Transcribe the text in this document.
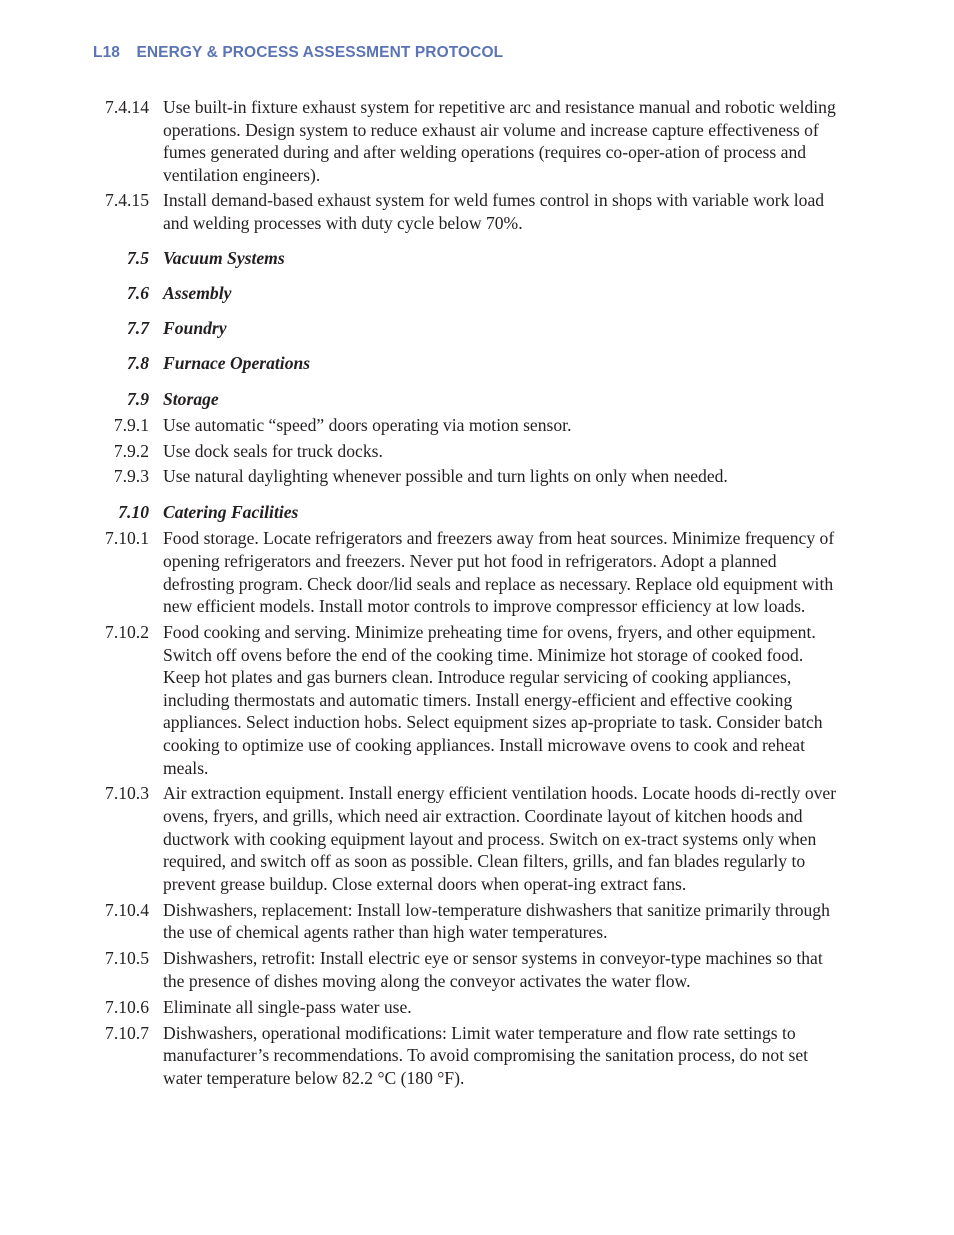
L18 ENERGY & PROCESS ASSESSMENT PROTOCOL
7.4.14 Use built-in fixture exhaust system for repetitive arc and resistance manual and robotic welding operations. Design system to reduce exhaust air volume and increase capture effectiveness of fumes generated during and after welding operations (requires co-oper-ation of process and ventilation engineers).
7.4.15 Install demand-based exhaust system for weld fumes control in shops with variable work load and welding processes with duty cycle below 70%.
7.5 Vacuum Systems
7.6 Assembly
7.7 Foundry
7.8 Furnace Operations
7.9 Storage
7.9.1 Use automatic “speed” doors operating via motion sensor.
7.9.2 Use dock seals for truck docks.
7.9.3 Use natural daylighting whenever possible and turn lights on only when needed.
7.10 Catering Facilities
7.10.1 Food storage. Locate refrigerators and freezers away from heat sources. Minimize frequency of opening refrigerators and freezers. Never put hot food in refrigerators. Adopt a planned defrosting program. Check door/lid seals and replace as necessary. Replace old equipment with new efficient models. Install motor controls to improve compressor efficiency at low loads.
7.10.2 Food cooking and serving. Minimize preheating time for ovens, fryers, and other equipment. Switch off ovens before the end of the cooking time. Minimize hot storage of cooked food. Keep hot plates and gas burners clean. Introduce regular servicing of cooking appliances, including thermostats and automatic timers. Install energy-efficient and effective cooking appliances. Select induction hobs. Select equipment sizes ap-propriate to task. Consider batch cooking to optimize use of cooking appliances. Install microwave ovens to cook and reheat meals.
7.10.3 Air extraction equipment. Install energy efficient ventilation hoods. Locate hoods di-rectly over ovens, fryers, and grills, which need air extraction. Coordinate layout of kitchen hoods and ductwork with cooking equipment layout and process. Switch on ex-tract systems only when required, and switch off as soon as possible. Clean filters, grills, and fan blades regularly to prevent grease buildup. Close external doors when operat-ing extract fans.
7.10.4 Dishwashers, replacement: Install low-temperature dishwashers that sanitize primarily through the use of chemical agents rather than high water temperatures.
7.10.5 Dishwashers, retrofit: Install electric eye or sensor systems in conveyor-type machines so that the presence of dishes moving along the conveyor activates the water flow.
7.10.6 Eliminate all single-pass water use.
7.10.7 Dishwashers, operational modifications: Limit water temperature and flow rate settings to manufacturer’s recommendations. To avoid compromising the sanitation process, do not set water temperature below 82.2 °C (180 °F).
